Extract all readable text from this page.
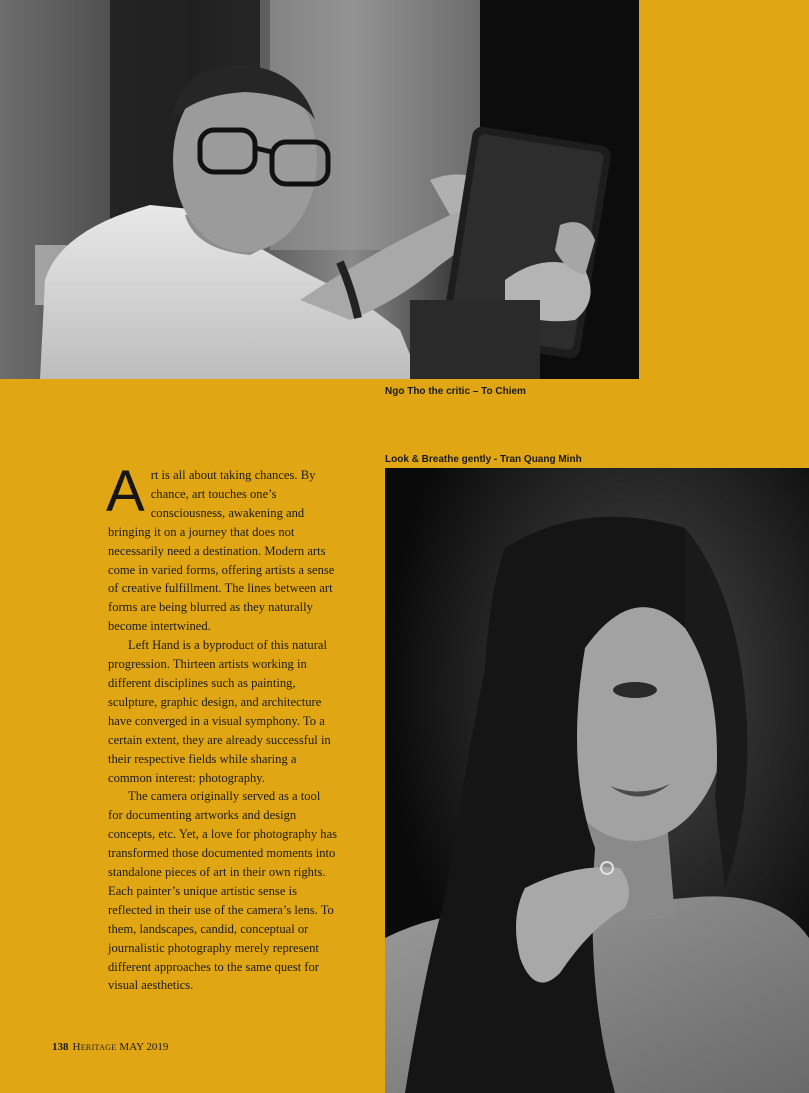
Ngo Tho the critic – To Chiem
Look & Breathe gently - Tran Quang Minh

Art is all about taking chances. By chance, art touches one’s consciousness, awakening and bringing it on a journey that does not necessarily need a destination. Modern arts come in varied forms, offering artists a sense of creative fulfillment. The lines between art forms are being blurred as they naturally become intertwined.

Left Hand is a byproduct of this natural progression. Thirteen artists working in different disciplines such as painting, sculpture, graphic design, and architecture have converged in a visual symphony. To a certain extent, they are already successful in their respective fields while sharing a common interest: photography.

The camera originally served as a tool for documenting artworks and design concepts, etc. Yet, a love for photography has transformed those documented moments into standalone pieces of art in their own rights. Each painter’s unique artistic sense is reflected in their use of the camera’s lens. To them, landscapes, candid, conceptual or journalistic photography merely represent different approaches to the same quest for visual aesthetics.

138 Heritage MAY 2019
